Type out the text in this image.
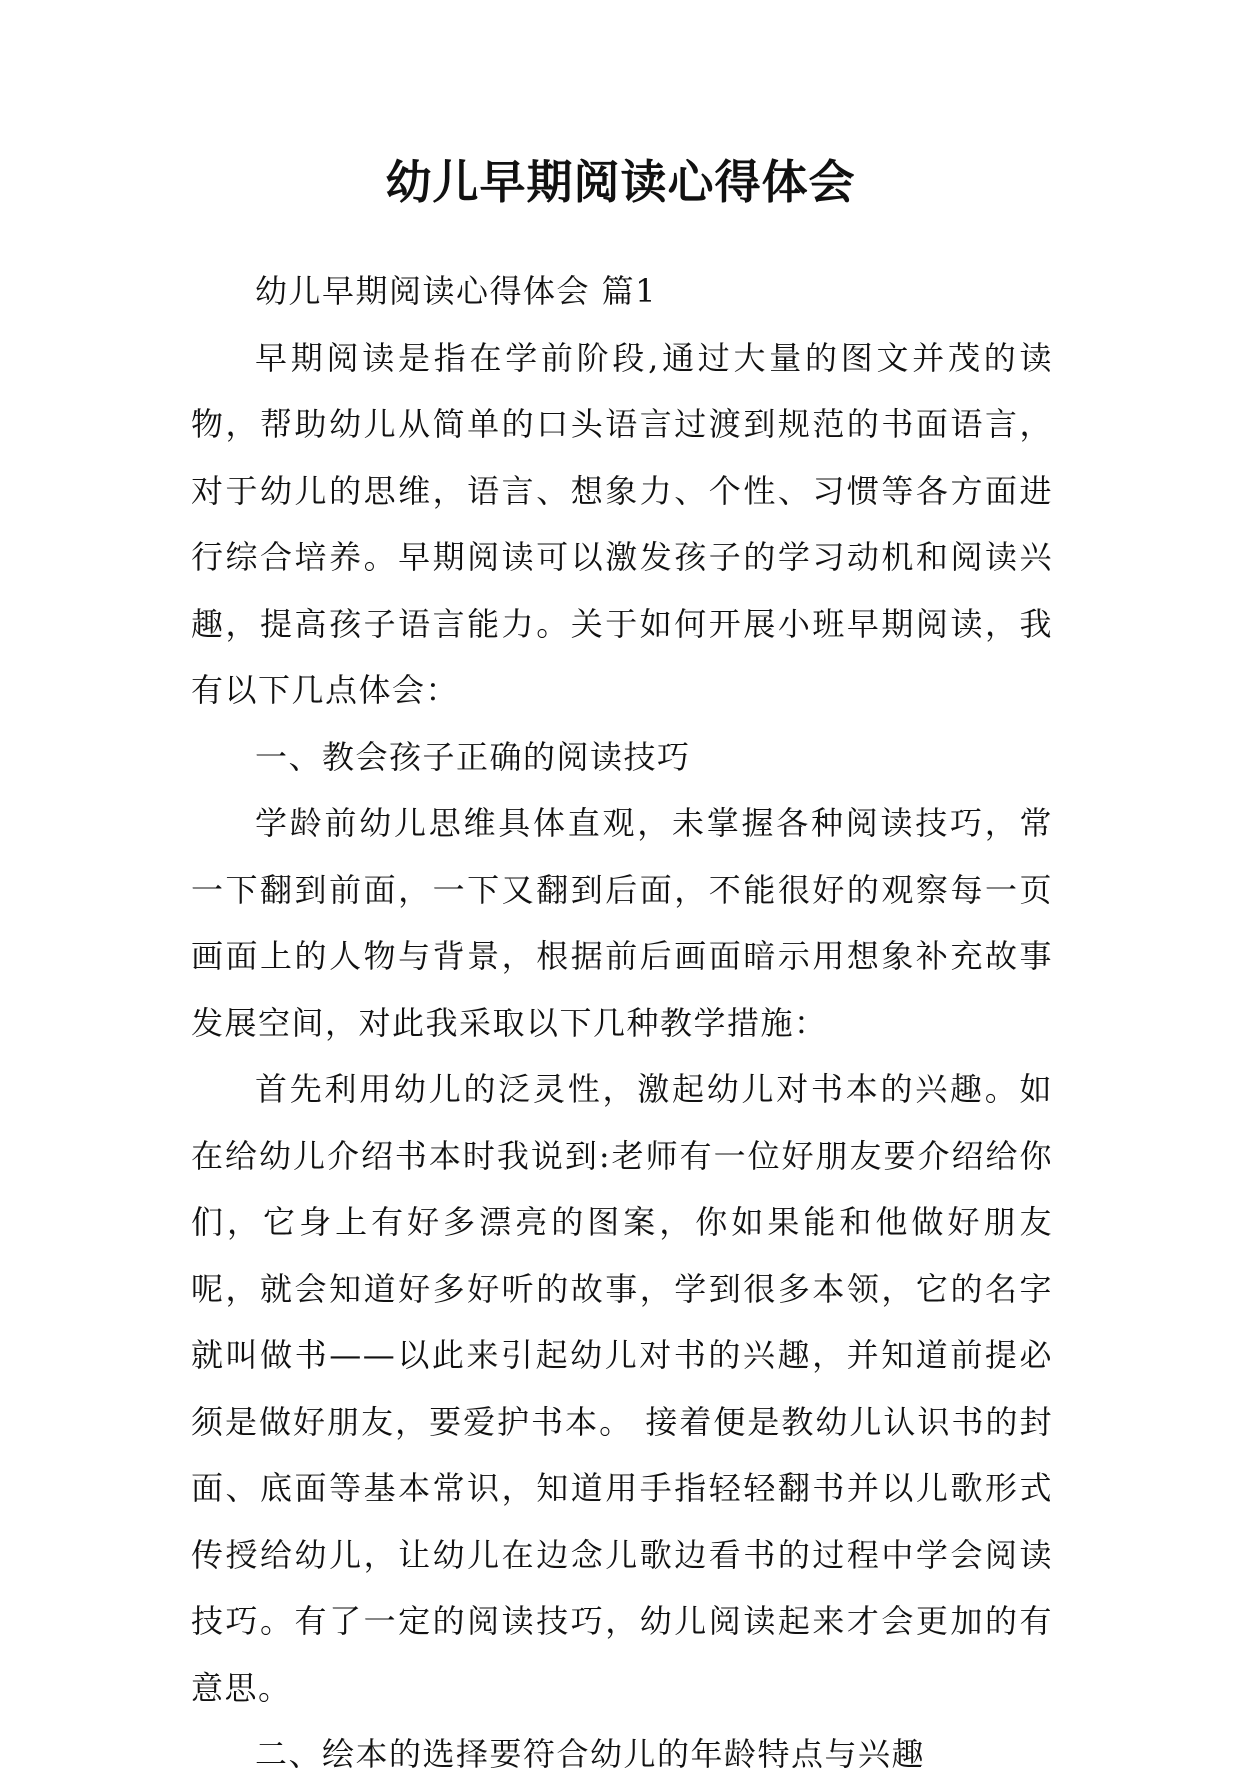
幼儿早期阅读心得体会

幼儿早期阅读心得体会 篇1

早期阅读是指在学前阶段,通过大量的图文并茂的读物，帮助幼儿从简单的口头语言过渡到规范的书面语言，对于幼儿的思维，语言、想象力、个性、习惯等各方面进行综合培养。早期阅读可以激发孩子的学习动机和阅读兴趣，提高孩子语言能力。关于如何开展小班早期阅读，我有以下几点体会：

一、教会孩子正确的阅读技巧

学龄前幼儿思维具体直观，未掌握各种阅读技巧，常一下翻到前面，一下又翻到后面，不能很好的观察每一页画面上的人物与背景，根据前后画面暗示用想象补充故事发展空间，对此我采取以下几种教学措施：

首先利用幼儿的泛灵性，激起幼儿对书本的兴趣。如在给幼儿介绍书本时我说到:老师有一位好朋友要介绍给你们，它身上有好多漂亮的图案，你如果能和他做好朋友呢，就会知道好多好听的故事，学到很多本领，它的名字就叫做书——以此来引起幼儿对书的兴趣，并知道前提必须是做好朋友，要爱护书本。 接着便是教幼儿认识书的封面、底面等基本常识，知道用手指轻轻翻书并以儿歌形式传授给幼儿，让幼儿在边念儿歌边看书的过程中学会阅读技巧。有了一定的阅读技巧，幼儿阅读起来才会更加的有意思。

二、绘本的选择要符合幼儿的年龄特点与兴趣
